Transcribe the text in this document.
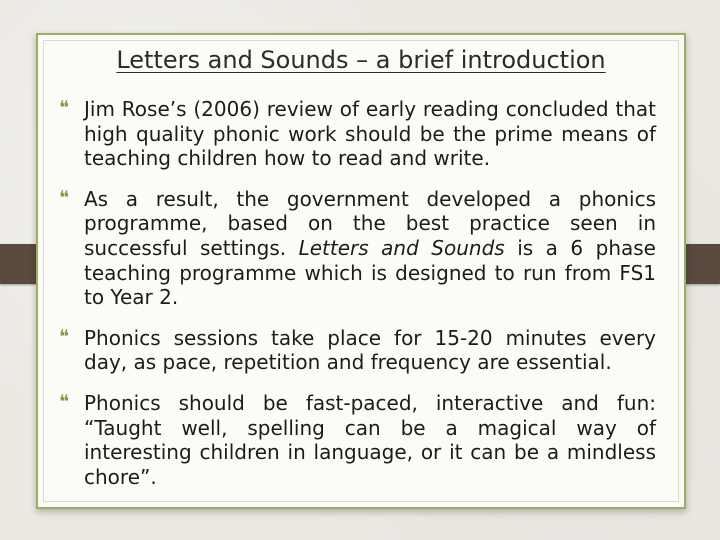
Letters and Sounds – a brief introduction
❝ Jim Rose’s (2006) review of early reading concluded that high quality phonic work should be the prime means of teaching children how to read and write.
❝ As a result, the government developed a phonics programme, based on the best practice seen in successful settings. Letters and Sounds is a 6 phase teaching programme which is designed to run from FS1 to Year 2.
❝ Phonics sessions take place for 15-20 minutes every day, as pace, repetition and frequency are essential.
❝ Phonics should be fast-paced, interactive and fun: “Taught well, spelling can be a magical way of interesting children in language, or it can be a mindless chore”.
